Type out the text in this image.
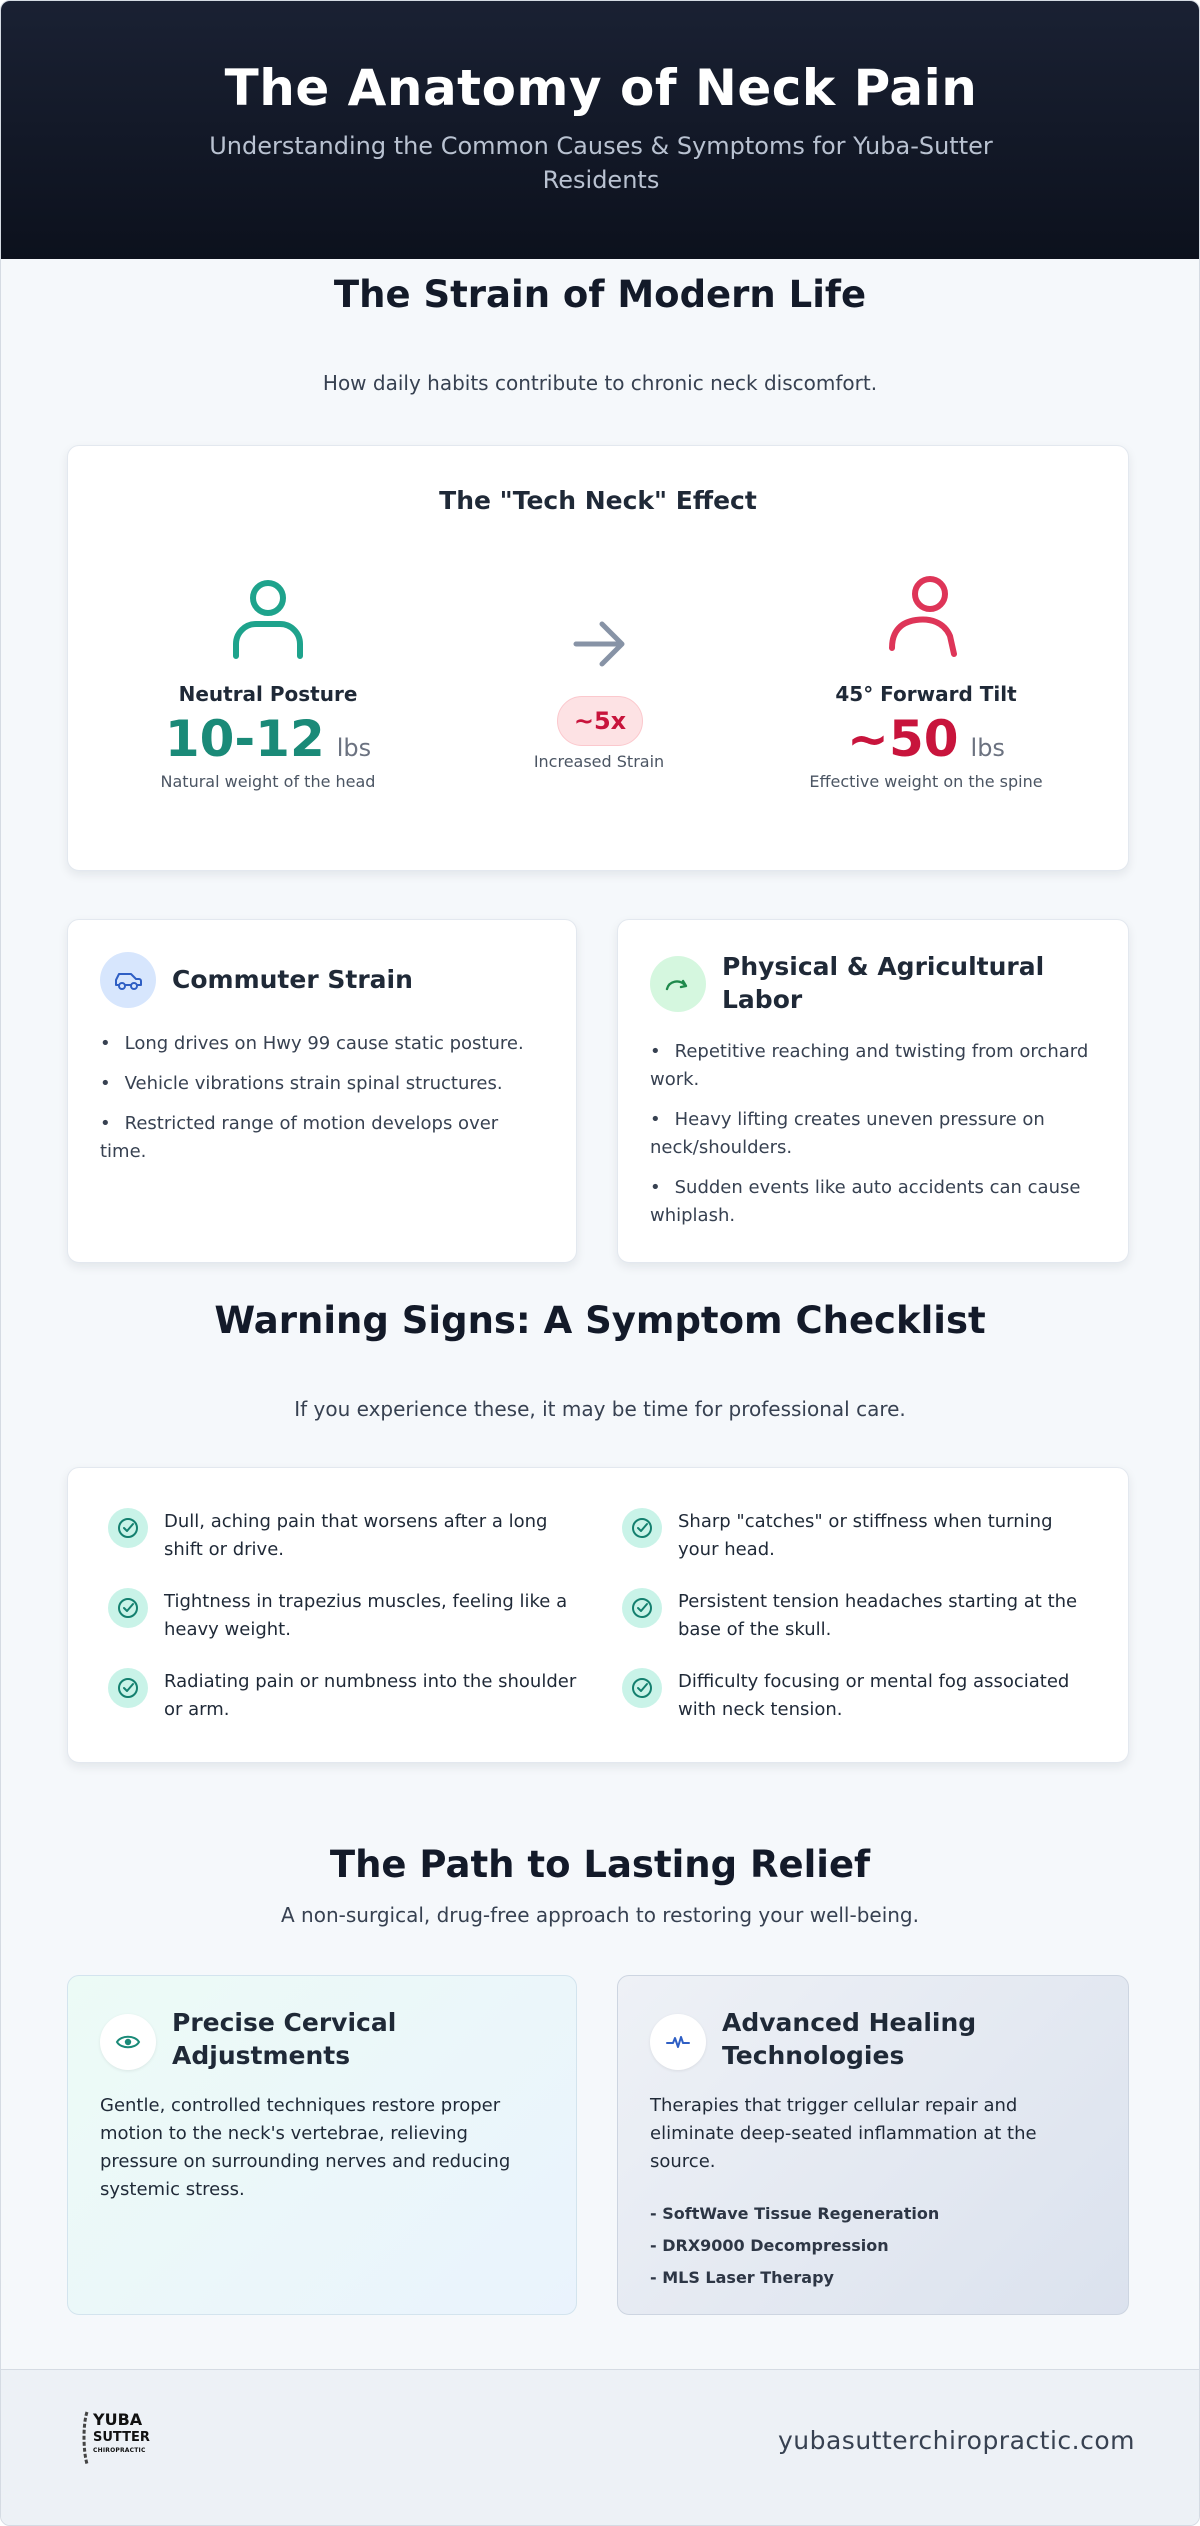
The Anatomy of Neck Pain
Understanding the Common Causes & Symptoms for Yuba-Sutter Residents
The Strain of Modern Life
How daily habits contribute to chronic neck discomfort.
The "Tech Neck" Effect
Neutral Posture
10-12 lbs
Natural weight of the head
~5x
Increased Strain
45° Forward Tilt
~50 lbs
Effective weight on the spine
Commuter Strain
• Long drives on Hwy 99 cause static posture.
• Vehicle vibrations strain spinal structures.
• Restricted range of motion develops over time.
Physical & Agricultural Labor
• Repetitive reaching and twisting from orchard work.
• Heavy lifting creates uneven pressure on neck/shoulders.
• Sudden events like auto accidents can cause whiplash.
Warning Signs: A Symptom Checklist
If you experience these, it may be time for professional care.
Dull, aching pain that worsens after a long shift or drive.
Sharp "catches" or stiffness when turning your head.
Tightness in trapezius muscles, feeling like a heavy weight.
Persistent tension headaches starting at the base of the skull.
Radiating pain or numbness into the shoulder or arm.
Difficulty focusing or mental fog associated with neck tension.
The Path to Lasting Relief
A non-surgical, drug-free approach to restoring your well-being.
Precise Cervical Adjustments
Gentle, controlled techniques restore proper motion to the neck's vertebrae, relieving pressure on surrounding nerves and reducing systemic stress.
Advanced Healing Technologies
Therapies that trigger cellular repair and eliminate deep-seated inflammation at the source.
- SoftWave Tissue Regeneration
- DRX9000 Decompression
- MLS Laser Therapy
YUBA
SUTTER
CHIROPRACTIC	yubasutterchiropractic.com
